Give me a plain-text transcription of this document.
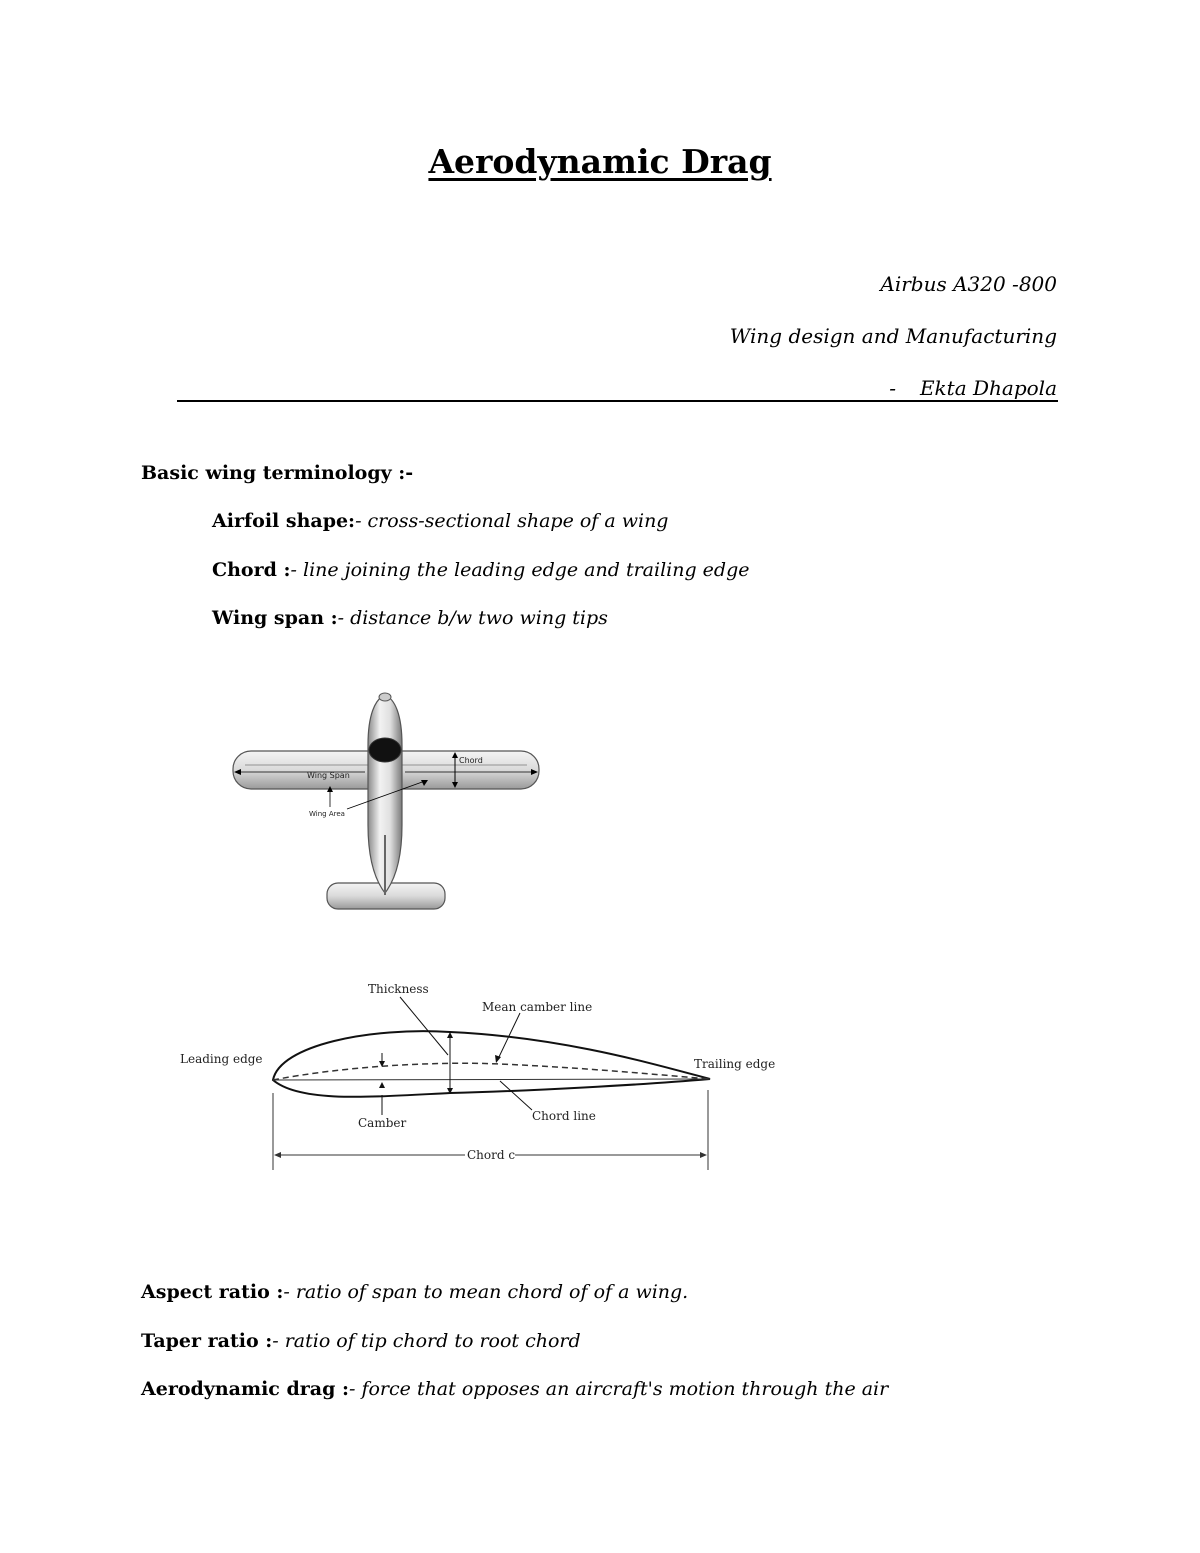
Aerodynamic Drag
Airbus A320 -800
Wing design and Manufacturing
- Ekta Dhapola
Basic wing terminology :-
Airfoil shape:- cross-sectional shape of a wing
Chord :- line joining the leading edge and trailing edge
Wing span :- distance b/w two wing tips
Chord
Wing Span
Wing Area
Thickness
Mean camber line
Camber	Chord line
Leading edge	Trailing edge
Chord c
Aspect ratio :- ratio of span to mean chord of of a wing.
Taper ratio :- ratio of tip chord to root chord
Aerodynamic drag :- force that opposes an aircraft's motion through the air
